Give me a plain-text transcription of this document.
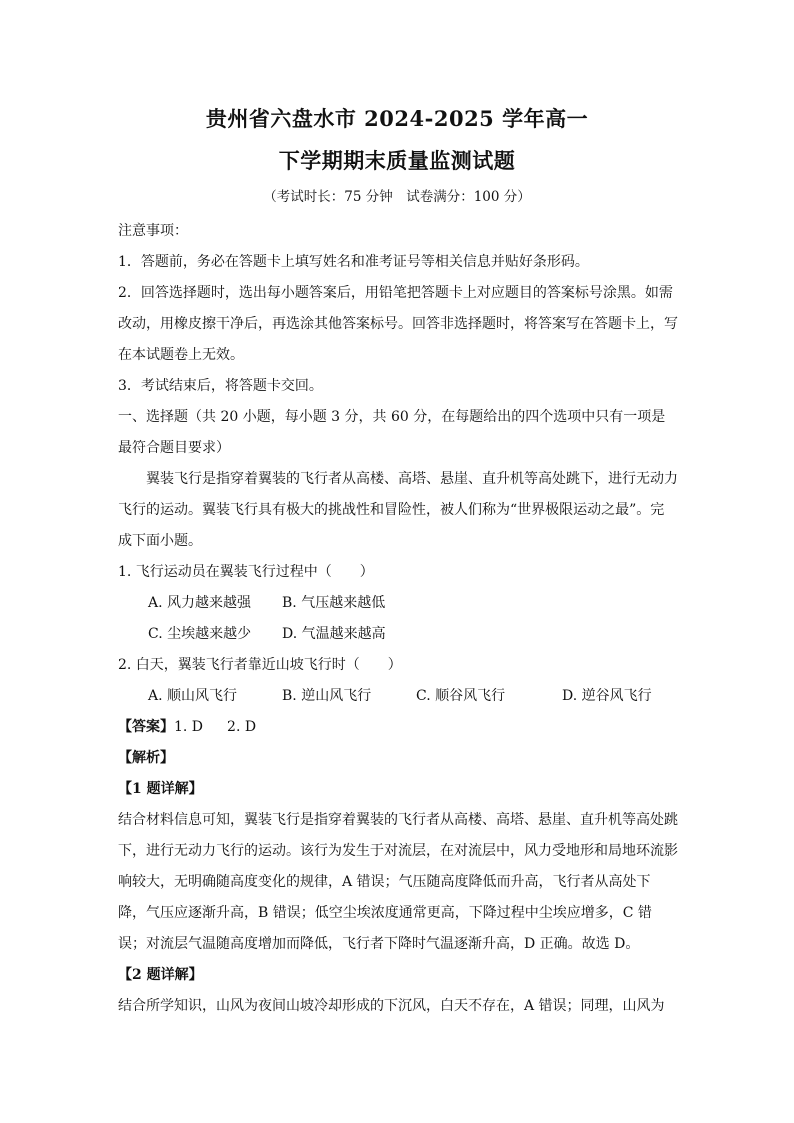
贵州省六盘水市 2024-2025 学年高一
下学期期末质量监测试题
（考试时长：75 分钟　试卷满分：100 分）

注意事项：

1．答题前，务必在答题卡上填写姓名和准考证号等相关信息并贴好条形码。

2．回答选择题时，选出每小题答案后，用铅笔把答题卡上对应题目的答案标号涂黑。如需改动，用橡皮擦干净后，再选涂其他答案标号。回答非选择题时，将答案写在答题卡上，写在本试题卷上无效。

3．考试结束后，将答题卡交回。

一、选择题（共 20 小题，每小题 3 分，共 60 分，在每题给出的四个选项中只有一项是最符合题目要求）

翼装飞行是指穿着翼装的飞行者从高楼、高塔、悬崖、直升机等高处跳下，进行无动力飞行的运动。翼装飞行具有极大的挑战性和冒险性，被人们称为“世界极限运动之最”。完成下面小题。

1. 飞行运动员在翼装飞行过程中（　　）

A. 风力越来越强	B. 气压越来越低
C. 尘埃越来越少	D. 气温越来越高

2. 白天，翼装飞行者靠近山坡飞行时（　　）

A. 顺山风飞行	B. 逆山风飞行	C. 顺谷风飞行	D. 逆谷风飞行

【答案】1. D 2. D

【解析】

【1 题详解】

结合材料信息可知，翼装飞行是指穿着翼装的飞行者从高楼、高塔、悬崖、直升机等高处跳下，进行无动力飞行的运动。该行为发生于对流层，在对流层中，风力受地形和局地环流影响较大，无明确随高度变化的规律，A 错误；气压随高度降低而升高，飞行者从高处下降，气压应逐渐升高，B 错误；低空尘埃浓度通常更高，下降过程中尘埃应增多，C 错误；对流层气温随高度增加而降低，飞行者下降时气温逐渐升高，D 正确。故选 D。

【2 题详解】

结合所学知识，山风为夜间山坡冷却形成的下沉风，白天不存在，A 错误；同理，山风为
